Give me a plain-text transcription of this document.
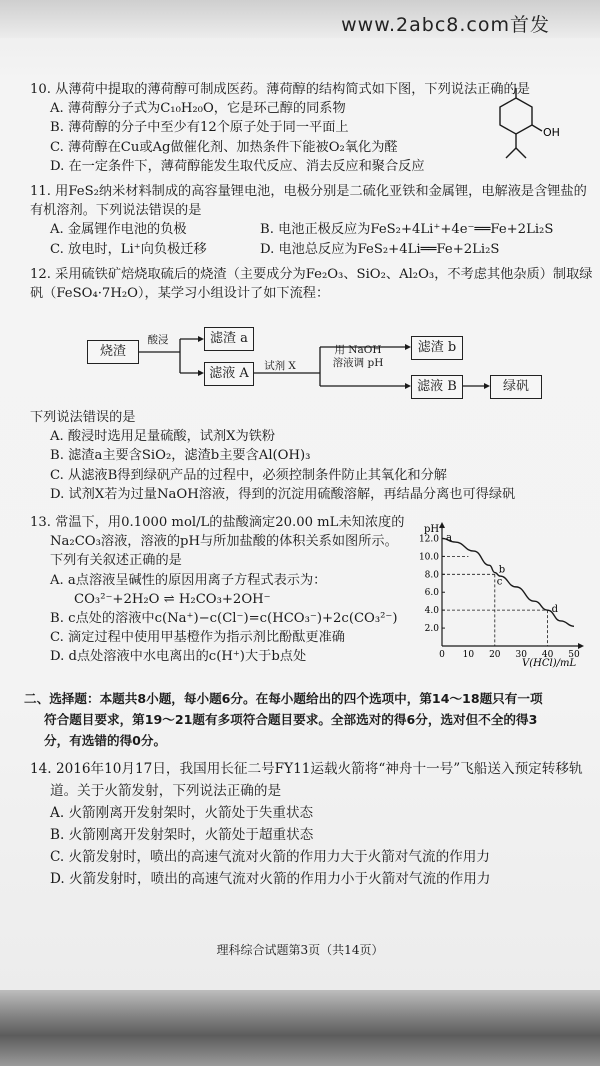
www.2abc8.com首发
10. 从薄荷中提取的薄荷醇可制成医药。薄荷醇的结构简式如下图，下列说法正确的是
A. 薄荷醇分子式为C₁₀H₂₀O，它是环己醇的同系物
B. 薄荷醇的分子中至少有12个原子处于同一平面上
C. 薄荷醇在Cu或Ag做催化剂、加热条件下能被O₂氧化为醛
D. 在一定条件下，薄荷醇能发生取代反应、消去反应和聚合反应
OH
11. 用FeS₂纳米材料制成的高容量锂电池，电极分别是二硫化亚铁和金属锂，电解液是含锂盐的
有机溶剂。下列说法错误的是
A. 金属锂作电池的负极	B. 电池正极反应为FeS₂+4Li⁺+4e⁻══Fe+2Li₂S
C. 放电时，Li⁺向负极迁移	D. 电池总反应为FeS₂+4Li══Fe+2Li₂S
12. 采用硫铁矿焙烧取硫后的烧渣（主要成分为Fe₂O₃、SiO₂、Al₂O₃，不考虑其他杂质）制取绿
矾（FeSO₄·7H₂O），某学习小组设计了如下流程：
烧渣
酸浸	滤渣 a
滤液 A	试剂 X
用 NaOH
溶液调 pH
滤渣 b
滤液 B	绿矾
下列说法错误的是
A. 酸浸时选用足量硫酸，试剂X为铁粉
B. 滤渣a主要含SiO₂，滤渣b主要含Al(OH)₃
C. 从滤液B得到绿矾产品的过程中，必须控制条件防止其氧化和分解
D. 试剂X若为过量NaOH溶液，得到的沉淀用硫酸溶解，再结晶分离也可得绿矾
13. 常温下，用0.1000 mol/L的盐酸滴定20.00 mL未知浓度的
Na₂CO₃溶液，溶液的pH与所加盐酸的体积关系如图所示。
下列有关叙述正确的是
A. a点溶液呈碱性的原因用离子方程式表示为：
CO₃²⁻+2H₂O ⇌ H₂CO₃+2OH⁻
B. c点处的溶液中c(Na⁺)−c(Cl⁻)=c(HCO₃⁻)+2c(CO₃²⁻)
C. 滴定过程中使用甲基橙作为指示剂比酚酞更准确
D. d点处溶液中水电离出的c(H⁺)大于b点处
pH
0 10 20 30 40 50
2.0
4.0
6.0
8.0
10.0
12.0 a
b
c
d
V(HCl)/mL
二、选择题：本题共8小题，每小题6分。在每小题给出的四个选项中，第14～18题只有一项
符合题目要求，第19～21题有多项符合题目要求。全部选对的得6分，选对但不全的得3
分，有选错的得0分。
14. 2016年10月17日，我国用长征二号FY11运载火箭将“神舟十一号”飞船送入预定转移轨
道。关于火箭发射，下列说法正确的是
A. 火箭刚离开发射架时，火箭处于失重状态
B. 火箭刚离开发射架时，火箭处于超重状态
C. 火箭发射时，喷出的高速气流对火箭的作用力大于火箭对气流的作用力
D. 火箭发射时，喷出的高速气流对火箭的作用力小于火箭对气流的作用力
理科综合试题第3页（共14页）
